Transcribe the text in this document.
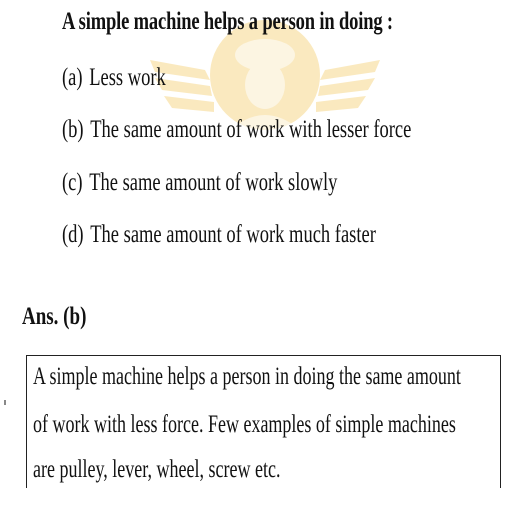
A simple machine helps a person in doing :
(a) Less work
(b) The same amount of work with lesser force
(c) The same amount of work slowly
(d) The same amount of work much faster
Ans. (b)
A simple machine helps a person in doing the same amount
of work with less force. Few examples of simple machines
are pulley, lever, wheel, screw etc.
